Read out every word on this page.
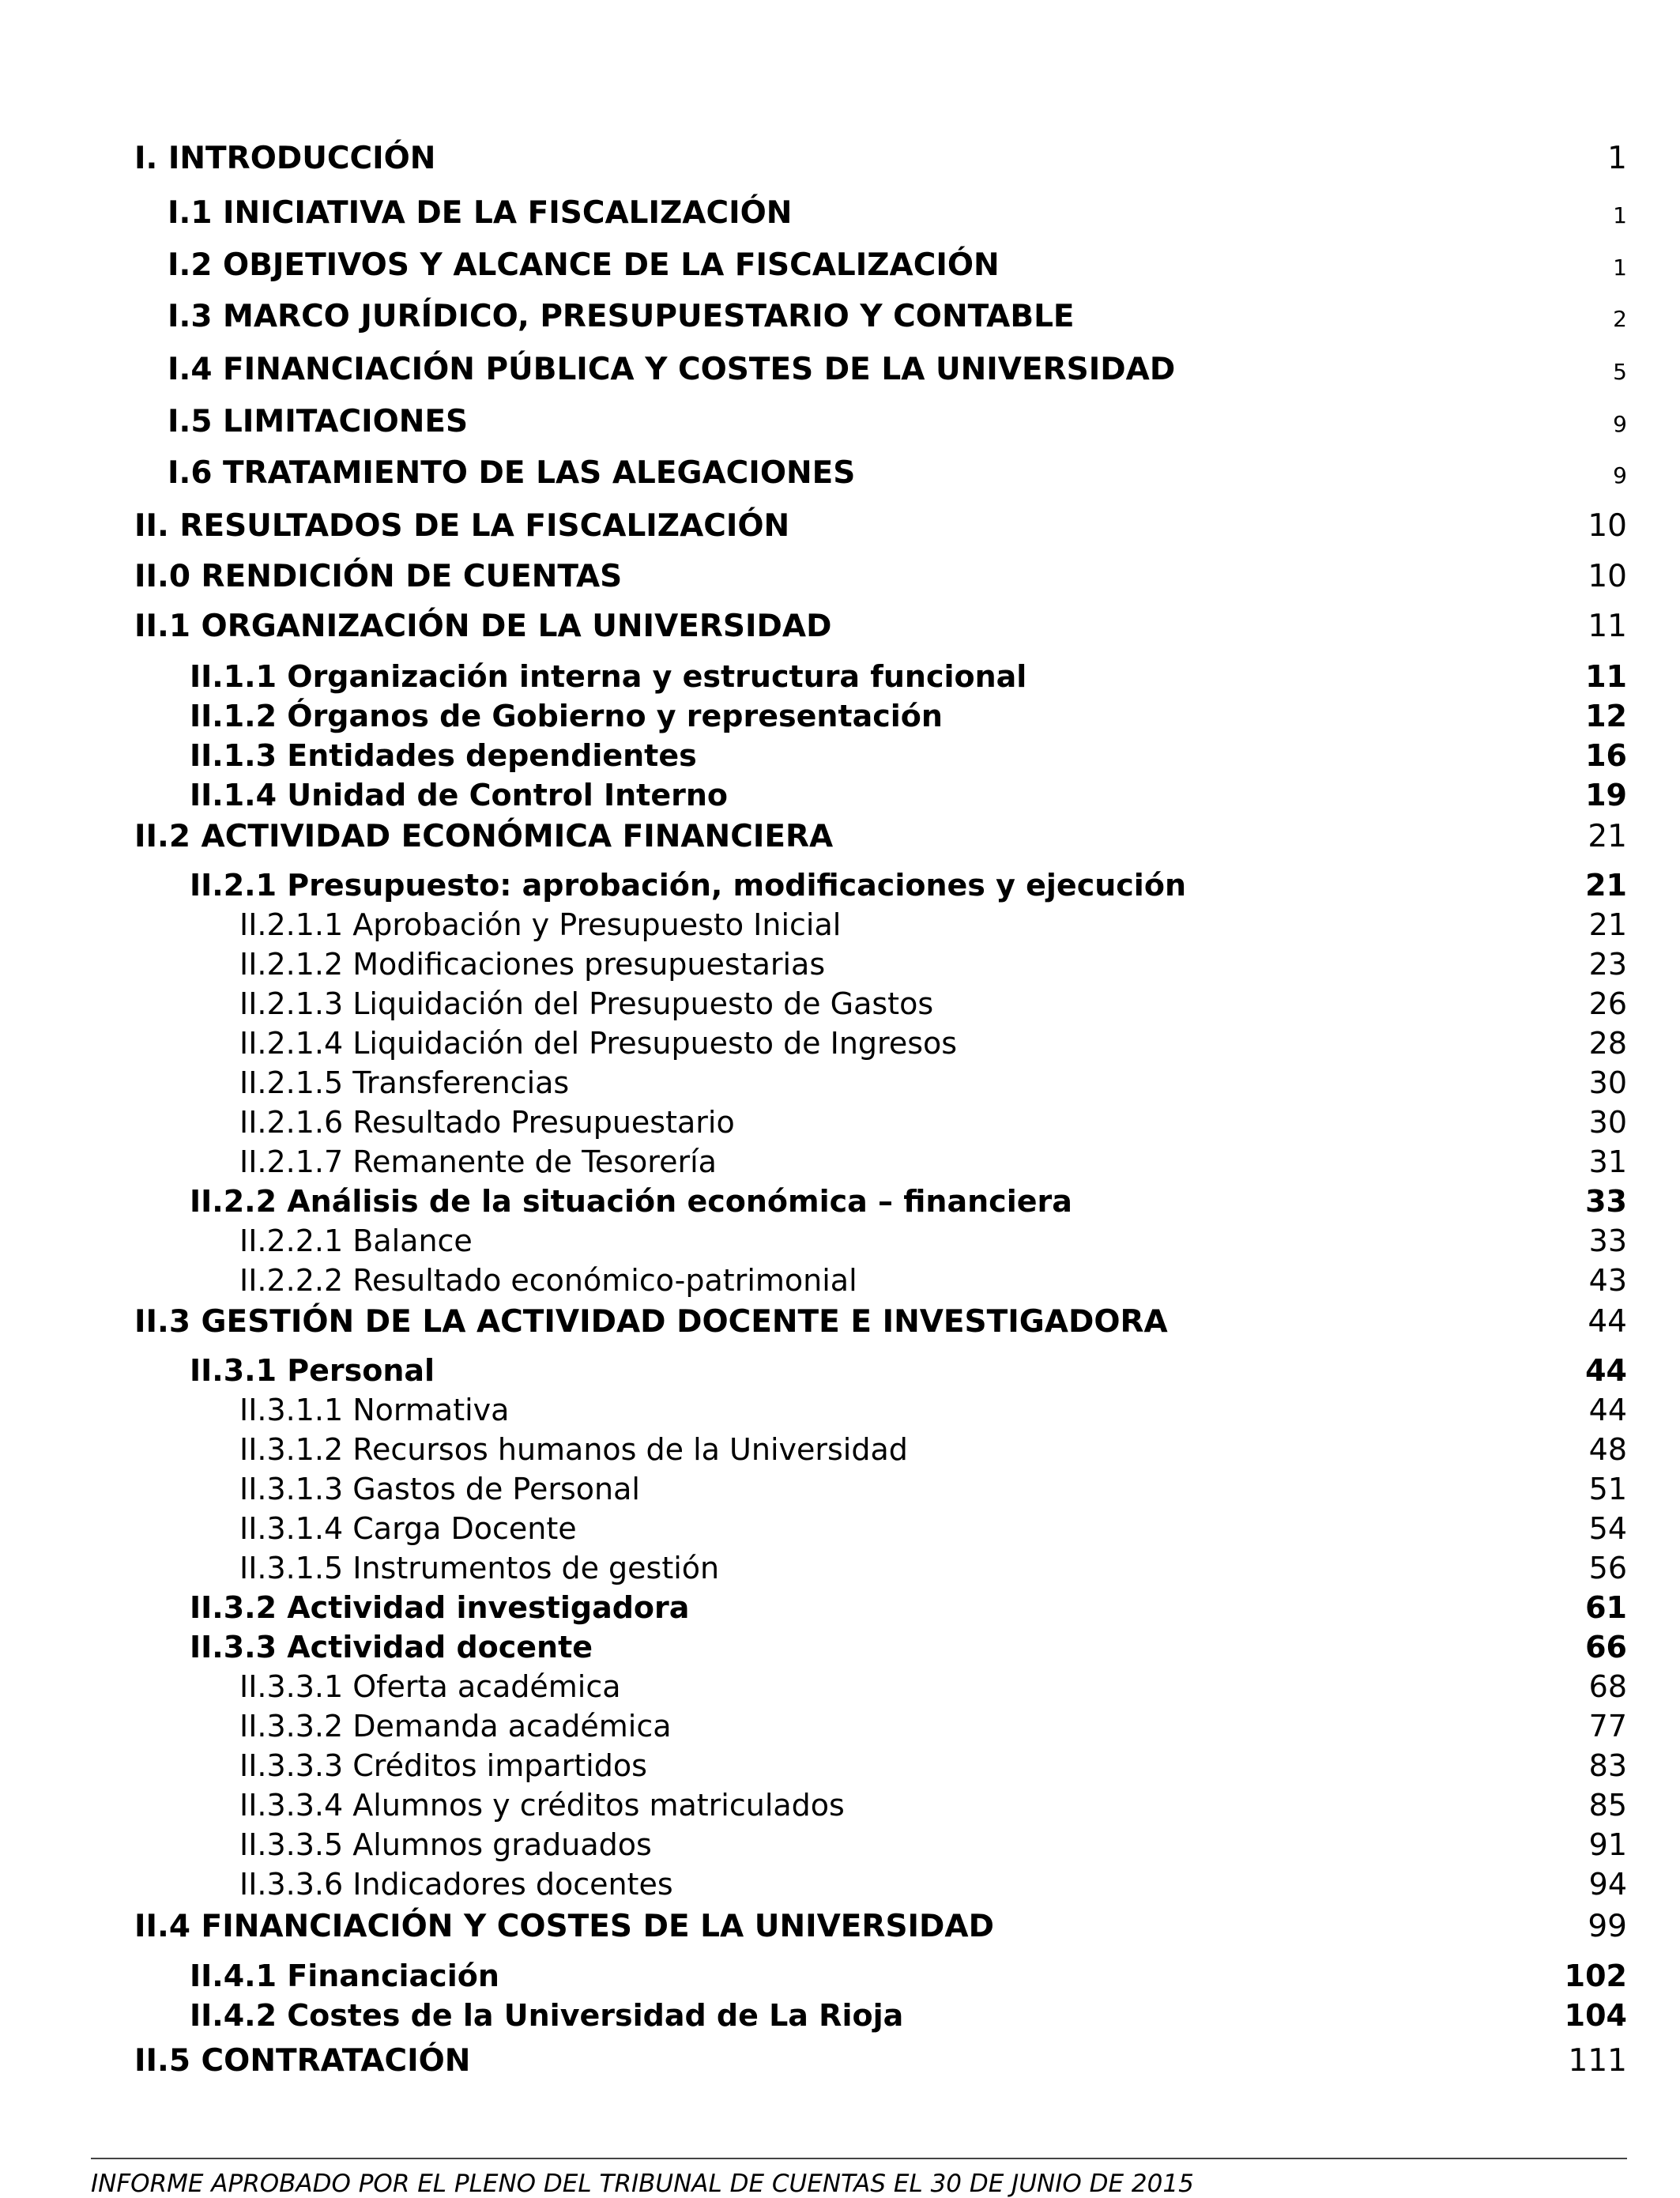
I. INTRODUCCIÓN	1
I.1 INICIATIVA DE LA FISCALIZACIÓN	1
I.2 OBJETIVOS Y ALCANCE DE LA FISCALIZACIÓN	1
I.3 MARCO JURÍDICO, PRESUPUESTARIO Y CONTABLE	2
I.4 FINANCIACIÓN PÚBLICA Y COSTES DE LA UNIVERSIDAD	5
I.5 LIMITACIONES	9
I.6 TRATAMIENTO DE LAS ALEGACIONES	9
II. RESULTADOS DE LA FISCALIZACIÓN	10
II.0 RENDICIÓN DE CUENTAS	10
II.1 ORGANIZACIÓN DE LA UNIVERSIDAD	11
II.1.1 Organización interna y estructura funcional	11
II.1.2 Órganos de Gobierno y representación	12
II.1.3 Entidades dependientes	16
II.1.4 Unidad de Control Interno	19
II.2 ACTIVIDAD ECONÓMICA FINANCIERA	21
II.2.1 Presupuesto: aprobación, modificaciones y ejecución	21
II.2.1.1 Aprobación y Presupuesto Inicial	21
II.2.1.2 Modificaciones presupuestarias	23
II.2.1.3 Liquidación del Presupuesto de Gastos	26
II.2.1.4 Liquidación del Presupuesto de Ingresos	28
II.2.1.5 Transferencias	30
II.2.1.6 Resultado Presupuestario	30
II.2.1.7 Remanente de Tesorería	31
II.2.2 Análisis de la situación económica – financiera	33
II.2.2.1 Balance	33
II.2.2.2 Resultado económico-patrimonial	43
II.3 GESTIÓN DE LA ACTIVIDAD DOCENTE E INVESTIGADORA	44
II.3.1 Personal	44
II.3.1.1 Normativa	44
II.3.1.2 Recursos humanos de la Universidad	48
II.3.1.3 Gastos de Personal	51
II.3.1.4 Carga Docente	54
II.3.1.5 Instrumentos de gestión	56
II.3.2 Actividad investigadora	61
II.3.3 Actividad docente	66
II.3.3.1 Oferta académica	68
II.3.3.2 Demanda académica	77
II.3.3.3 Créditos impartidos	83
II.3.3.4 Alumnos y créditos matriculados	85
II.3.3.5 Alumnos graduados	91
II.3.3.6 Indicadores docentes	94
II.4 FINANCIACIÓN Y COSTES DE LA UNIVERSIDAD	99
II.4.1 Financiación	102
II.4.2 Costes de la Universidad de La Rioja	104
II.5 CONTRATACIÓN	111
INFORME APROBADO POR EL PLENO DEL TRIBUNAL DE CUENTAS EL 30 DE JUNIO DE 2015
